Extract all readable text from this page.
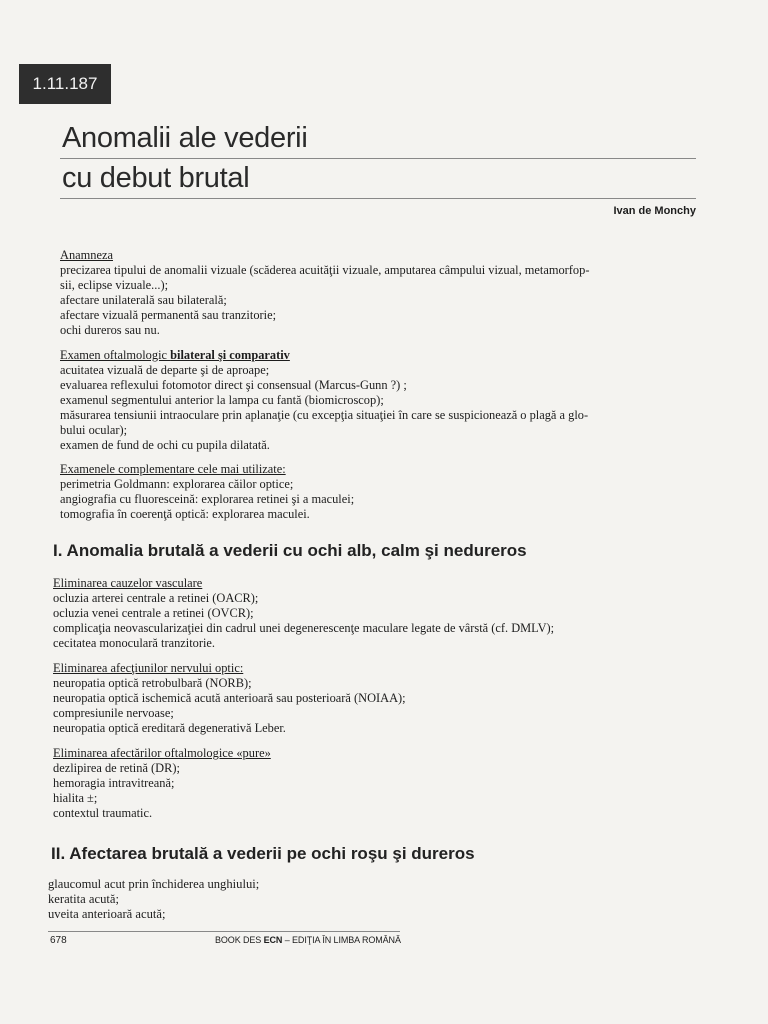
1.11.187
Anomalii ale vederii
cu debut brutal
Ivan de Monchy

Anamneza

precizarea tipului de anomalii vizuale (scăderea acuităţii vizuale, amputarea câmpului vizual, metamorfop-

sii, eclipse vizuale...);

afectare unilaterală sau bilaterală;

afectare vizuală permanentă sau tranzitorie;

ochi dureros sau nu.

Examen oftalmologic bilateral şi comparativ

acuitatea vizuală de departe şi de aproape;

evaluarea reflexului fotomotor direct şi consensual (Marcus-Gunn ?) ;

examenul segmentului anterior la lampa cu fantă (biomicroscop);

măsurarea tensiunii intraoculare prin aplanaţie (cu excepţia situaţiei în care se suspicionează o plagă a glo-

bului ocular);

examen de fund de ochi cu pupila dilatată.

Examenele complementare cele mai utilizate:

perimetria Goldmann: explorarea căilor optice;

angiografia cu fluoresceină: explorarea retinei şi a maculei;

tomografia în coerenţă optică: explorarea maculei.

I. Anomalia brutală a vederii cu ochi alb, calm şi nedureros

Eliminarea cauzelor vasculare

ocluzia arterei centrale a retinei (OACR);

ocluzia venei centrale a retinei (OVCR);

complicaţia neovascularizaţiei din cadrul unei degenerescenţe maculare legate de vârstă (cf. DMLV);

cecitatea monoculară tranzitorie.

Eliminarea afecţiunilor nervului optic:

neuropatia optică retrobulbară (NORB);

neuropatia optică ischemică acută anterioară sau posterioară (NOIAA);

compresiunile nervoase;

neuropatia optică ereditară degenerativă Leber.

Eliminarea afectărilor oftalmologice «pure»

dezlipirea de retină (DR);

hemoragia intravitreană;

hialita ±;

contextul traumatic.

II. Afectarea brutală a vederii pe ochi roşu şi dureros

glaucomul acut prin închiderea unghiului;

keratita acută;

uveita anterioară acută;

678	BOOK DES ECN – EDIŢIA ÎN LIMBA ROMÂNĂ
